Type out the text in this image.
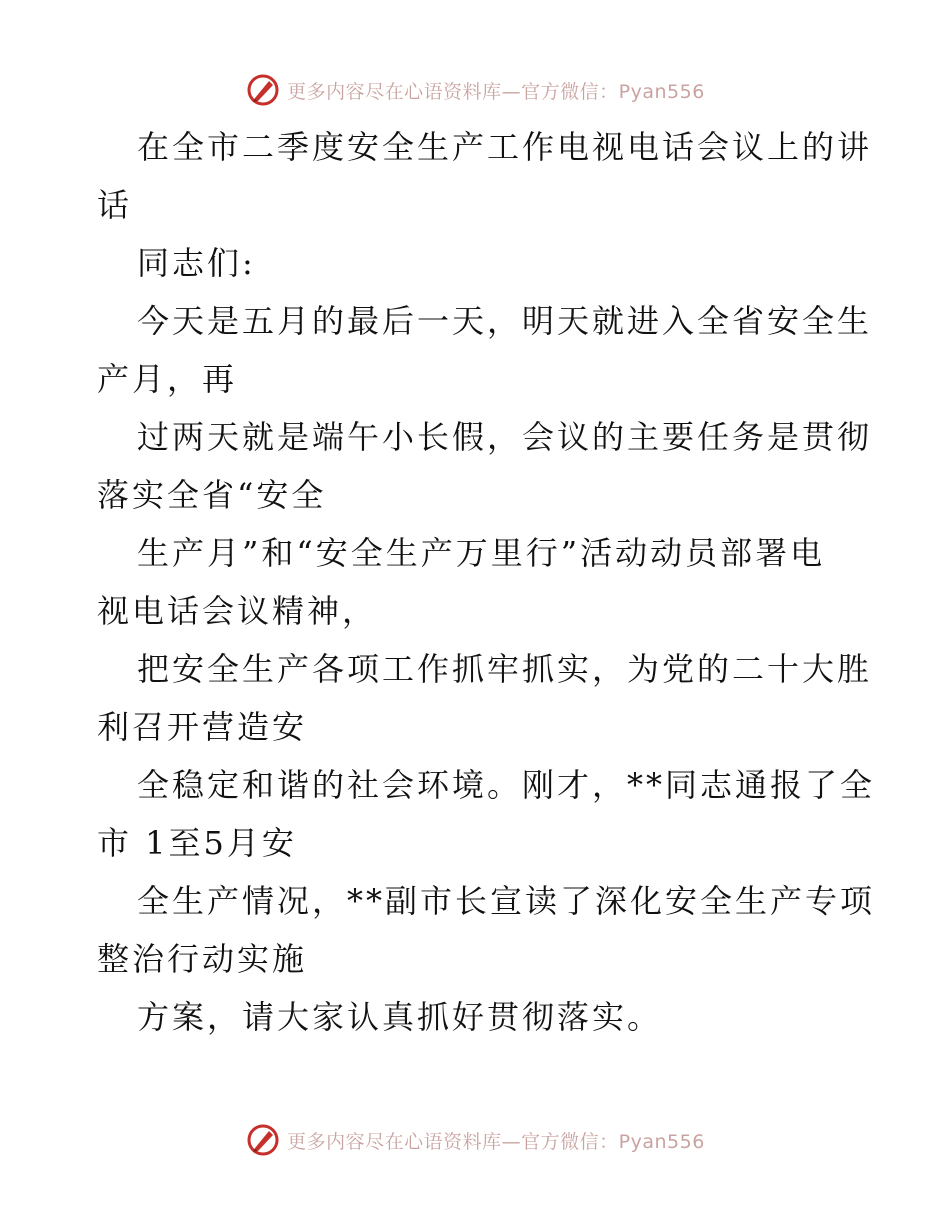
更多内容尽在心语资料库—官方微信：Pyan556
在全市二季度安全生产工作电视电话会议上的讲
话
同志们:
今天是五月的最后一天，明天就进入全省安全生
产月，再
过两天就是端午小长假，会议的主要任务是贯彻
落实全省“安全
生产月”和“安全生产万里行”活动动员部署电
视电话会议精神，
把安全生产各项工作抓牢抓实，为党的二十大胜
利召开营造安
全稳定和谐的社会环境。刚才，**同志通报了全
市 1至5月安
全生产情况，**副市长宣读了深化安全生产专项
整治行动实施
方案，请大家认真抓好贯彻落实。
更多内容尽在心语资料库—官方微信：Pyan556
